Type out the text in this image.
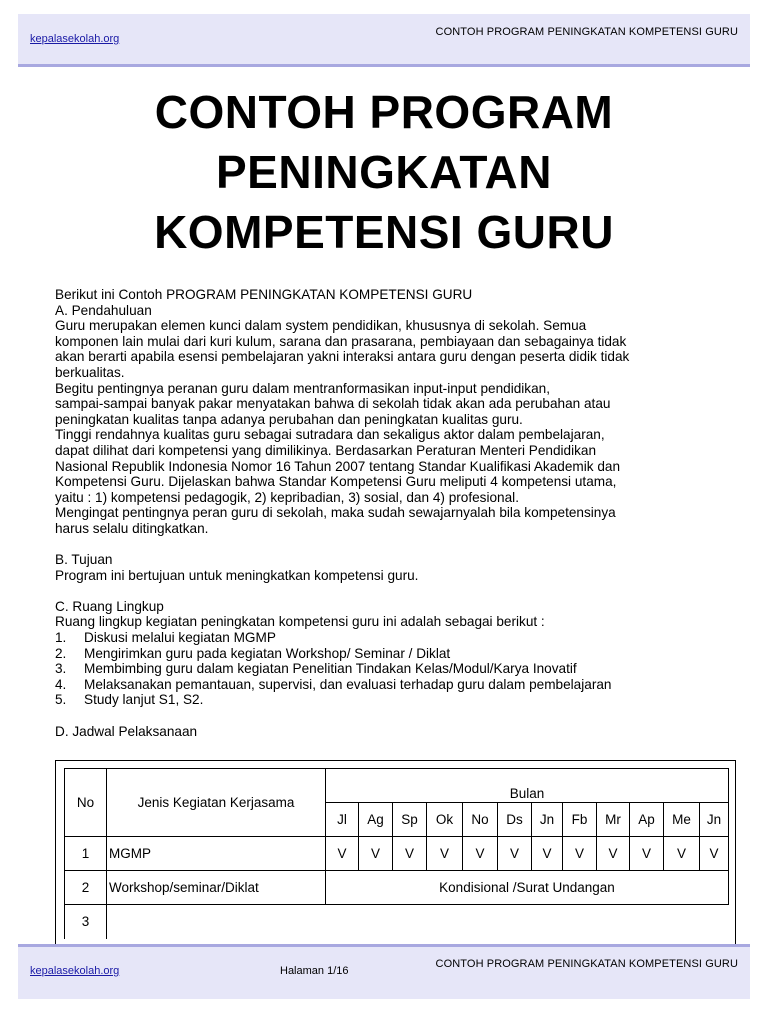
kepalasekolah.org
CONTOH PROGRAM PENINGKATAN KOMPETENSI GURU
CONTOH PROGRAM
PENINGKATAN
KOMPETENSI GURU
Berikut ini Contoh PROGRAM PENINGKATAN KOMPETENSI GURU
A. Pendahuluan
Guru merupakan elemen kunci dalam system pendidikan, khususnya di sekolah. Semua
komponen lain mulai dari kuri kulum, sarana dan prasarana, pembiayaan dan sebagainya tidak
akan berarti apabila esensi pembelajaran yakni interaksi antara guru dengan peserta didik tidak
berkualitas.
Begitu pentingnya peranan guru dalam mentranformasikan input-input pendidikan,
sampai-sampai banyak pakar menyatakan bahwa di sekolah tidak akan ada perubahan atau
peningkatan kualitas tanpa adanya perubahan dan peningkatan kualitas guru.
Tinggi rendahnya kualitas guru sebagai sutradara dan sekaligus aktor dalam pembelajaran,
dapat dilihat dari kompetensi yang dimilikinya. Berdasarkan Peraturan Menteri Pendidikan
Nasional Republik Indonesia Nomor 16 Tahun 2007 tentang Standar Kualifikasi Akademik dan
Kompetensi Guru. Dijelaskan bahwa Standar Kompetensi Guru meliputi 4 kompetensi utama,
yaitu : 1) kompetensi pedagogik, 2) kepribadian, 3) sosial, dan 4) profesional.
Mengingat pentingnya peran guru di sekolah, maka sudah sewajarnyalah bila kompetensinya
harus selalu ditingkatkan.
B. Tujuan
Program ini bertujuan untuk meningkatkan kompetensi guru.
C. Ruang Lingkup
Ruang lingkup kegiatan peningkatan kompetensi guru ini adalah sebagai berikut :
1. Diskusi melalui kegiatan MGMP
2. Mengirimkan guru pada kegiatan Workshop/ Seminar / Diklat
3. Membimbing guru dalam kegiatan Penelitian Tindakan Kelas/Modul/Karya Inovatif
4. Melaksanakan pemantauan, supervisi, dan evaluasi terhadap guru dalam pembelajaran
5. Study lanjut S1, S2.
D. Jadwal Pelaksanaan
No	Jenis Kegiatan Kerjasama	Bulan											
		Jl	Ag	Sp	Ok	No	Ds	Jn	Fb	Mr	Ap	Me	Jn
1	MGMP	V	V	V	V	V	V	V	V	V	V	V	V
2	Workshop/seminar/Diklat	Kondisional /Surat Undangan											
3													
kepalasekolah.org	Halaman 1/16
CONTOH PROGRAM PENINGKATAN KOMPETENSI GURU
